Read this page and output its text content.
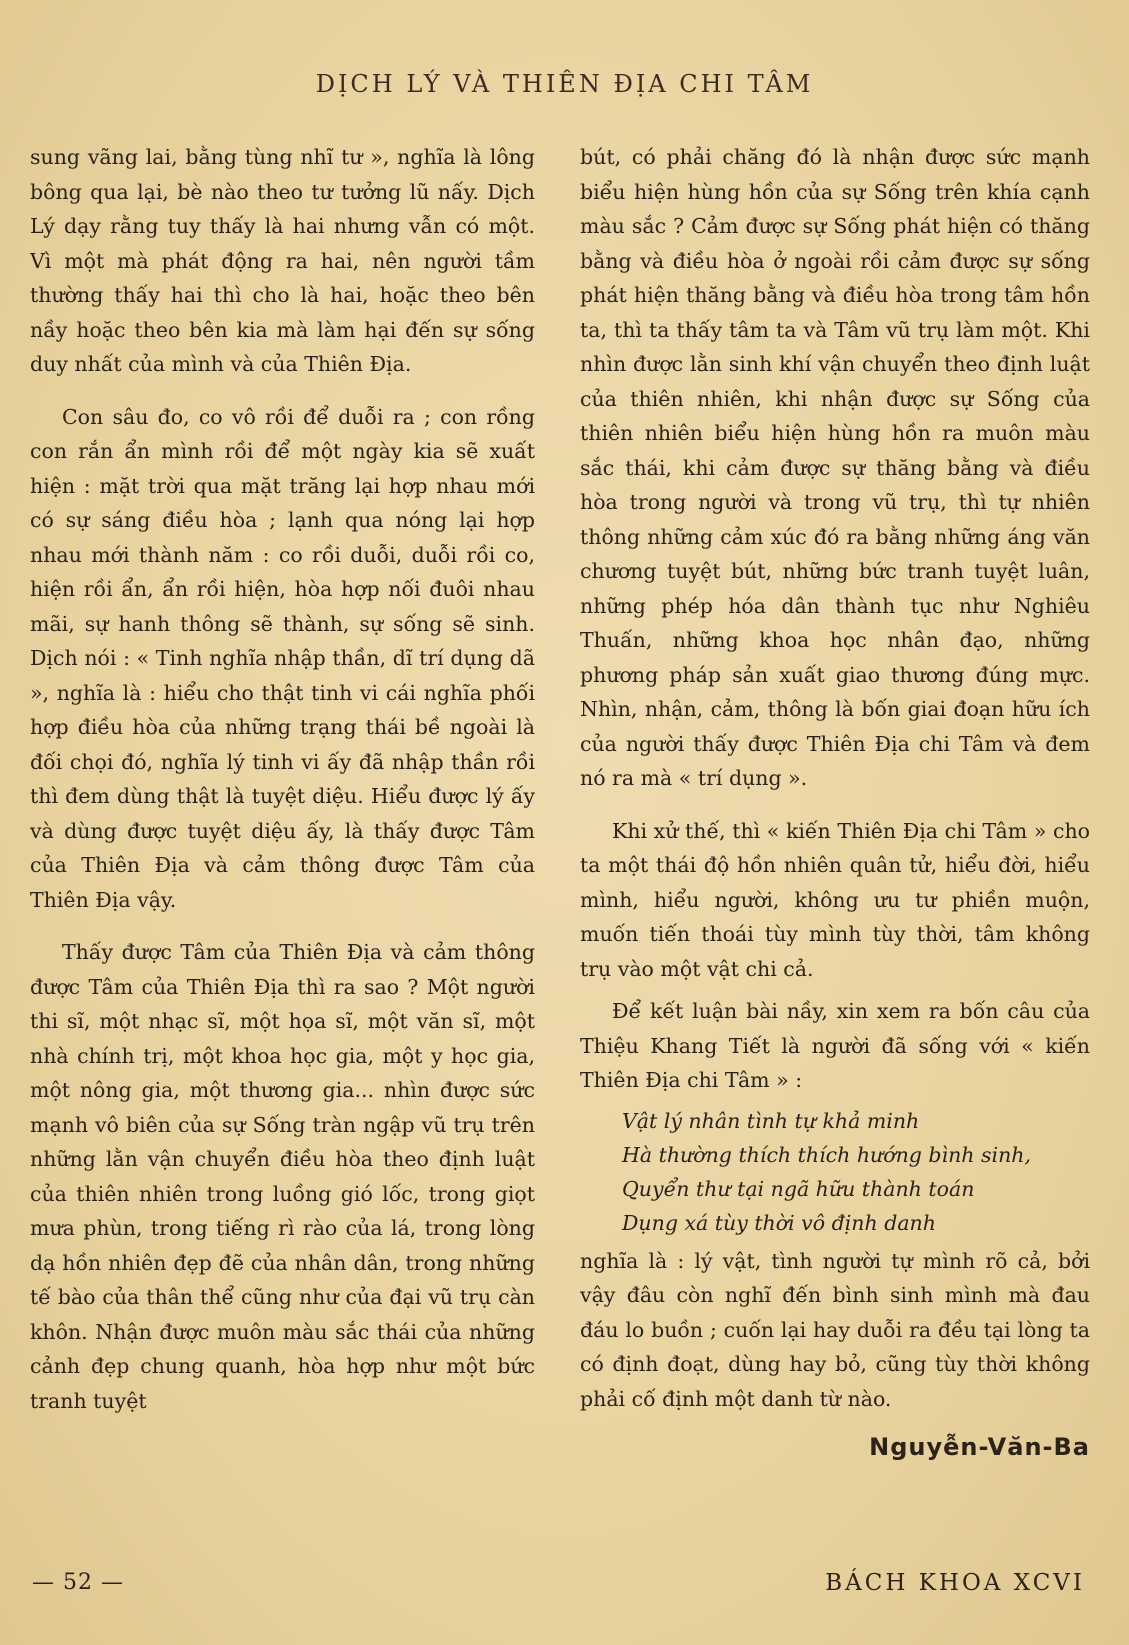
DỊCH LÝ VÀ THIÊN ĐỊA CHI TÂM

sung vãng lai, bằng tùng nhĩ tư », nghĩa là lông bông qua lại, bè nào theo tư tưởng lũ nấy. Dịch Lý dạy rằng tuy thấy là hai nhưng vẫn có một. Vì một mà phát động ra hai, nên người tầm thường thấy hai thì cho là hai, hoặc theo bên nầy hoặc theo bên kia mà làm hại đến sự sống duy nhất của mình và của Thiên Địa.

Con sâu đo, co vô rồi để duỗi ra ; con rồng con rắn ẩn mình rồi để một ngày kia sẽ xuất hiện : mặt trời qua mặt trăng lại hợp nhau mới có sự sáng điều hòa ; lạnh qua nóng lại hợp nhau mới thành năm : co rồi duỗi, duỗi rồi co, hiện rồi ẩn, ẩn rồi hiện, hòa hợp nối đuôi nhau mãi, sự hanh thông sẽ thành, sự sống sẽ sinh. Dịch nói : « Tinh nghĩa nhập thần, dĩ trí dụng dã », nghĩa là : hiểu cho thật tinh vi cái nghĩa phối hợp điều hòa của những trạng thái bề ngoài là đối chọi đó, nghĩa lý tinh vi ấy đã nhập thần rồi thì đem dùng thật là tuyệt diệu. Hiểu được lý ấy và dùng được tuyệt diệu ấy, là thấy được Tâm của Thiên Địa và cảm thông được Tâm của Thiên Địa vậy.

Thấy được Tâm của Thiên Địa và cảm thông được Tâm của Thiên Địa thì ra sao ? Một người thi sĩ, một nhạc sĩ, một họa sĩ, một văn sĩ, một nhà chính trị, một khoa học gia, một y học gia, một nông gia, một thương gia... nhìn được sức mạnh vô biên của sự Sống tràn ngập vũ trụ trên những lằn vận chuyển điều hòa theo định luật của thiên nhiên trong luồng gió lốc, trong giọt mưa phùn, trong tiếng rì rào của lá, trong lòng dạ hồn nhiên đẹp đẽ của nhân dân, trong những tế bào của thân thể cũng như của đại vũ trụ càn khôn. Nhận được muôn màu sắc thái của những cảnh đẹp chung quanh, hòa hợp như một bức tranh tuyệt

bút, có phải chăng đó là nhận được sức mạnh biểu hiện hùng hồn của sự Sống trên khía cạnh màu sắc ? Cảm được sự Sống phát hiện có thăng bằng và điều hòa ở ngoài rồi cảm được sự sống phát hiện thăng bằng và điều hòa trong tâm hồn ta, thì ta thấy tâm ta và Tâm vũ trụ làm một. Khi nhìn được lằn sinh khí vận chuyển theo định luật của thiên nhiên, khi nhận được sự Sống của thiên nhiên biểu hiện hùng hồn ra muôn màu sắc thái, khi cảm được sự thăng bằng và điều hòa trong người và trong vũ trụ, thì tự nhiên thông những cảm xúc đó ra bằng những áng văn chương tuyệt bút, những bức tranh tuyệt luân, những phép hóa dân thành tục như Nghiêu Thuấn, những khoa học nhân đạo, những phương pháp sản xuất giao thương đúng mực. Nhìn, nhận, cảm, thông là bốn giai đoạn hữu ích của người thấy được Thiên Địa chi Tâm và đem nó ra mà « trí dụng ».

Khi xử thế, thì « kiến Thiên Địa chi Tâm » cho ta một thái độ hồn nhiên quân tử, hiểu đời, hiểu mình, hiểu người, không ưu tư phiền muộn, muốn tiến thoái tùy mình tùy thời, tâm không trụ vào một vật chi cả.

Để kết luận bài nầy, xin xem ra bốn câu của Thiệu Khang Tiết là người đã sống với « kiến Thiên Địa chi Tâm » :

Vật lý nhân tình tự khả minh
Hà thường thích thích hướng bình sinh,
Quyển thư tại ngã hữu thành toán
Dụng xá tùy thời vô định danh

nghĩa là : lý vật, tình người tự mình rõ cả, bởi vậy đâu còn nghĩ đến bình sinh mình mà đau đáu lo buồn ; cuốn lại hay duỗi ra đều tại lòng ta có định đoạt, dùng hay bỏ, cũng tùy thời không phải cố định một danh từ nào.

Nguyễn-Văn-Ba
— 52 —	BÁCH KHOA XCVI
